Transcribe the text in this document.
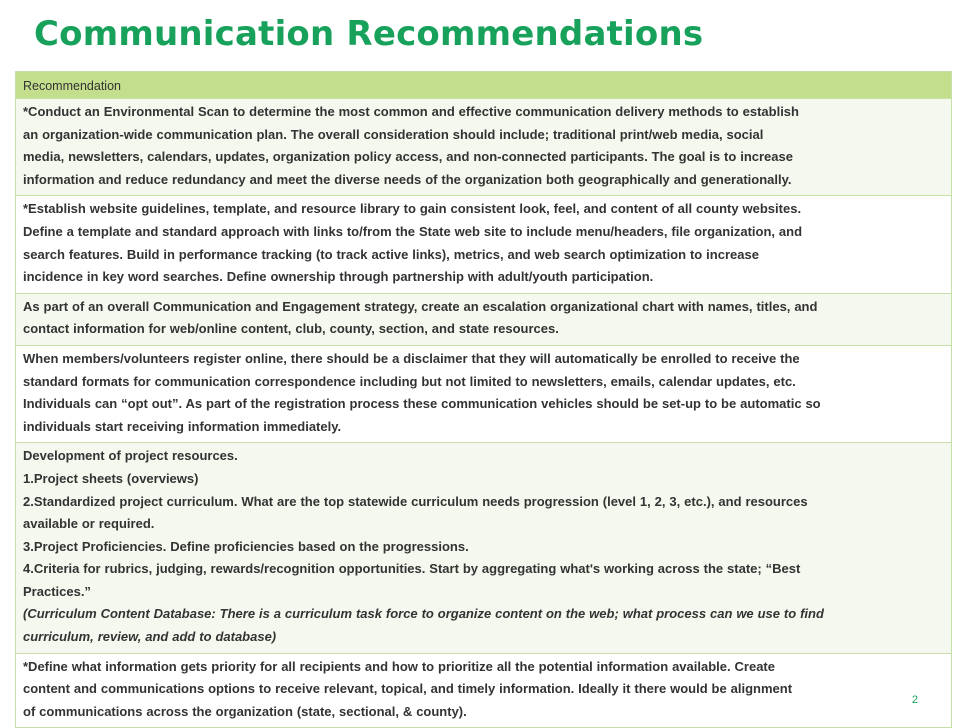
Communication Recommendations
Recommendation

*Conduct an Environmental Scan to determine the most common and effective communication delivery methods to establish
an organization-wide communication plan. The overall consideration should include; traditional print/web media, social
media, newsletters, calendars, updates, organization policy access, and non-connected participants. The goal is to increase
information and reduce redundancy and meet the diverse needs of the organization both geographically and generationally.

*Establish website guidelines, template, and resource library to gain consistent look, feel, and content of all county websites.
Define a template and standard approach with links to/from the State web site to include menu/headers, file organization, and
search features. Build in performance tracking (to track active links), metrics, and web search optimization to increase
incidence in key word searches. Define ownership through partnership with adult/youth participation.

As part of an overall Communication and Engagement strategy, create an escalation organizational chart with names, titles, and
contact information for web/online content, club, county, section, and state resources.

When members/volunteers register online, there should be a disclaimer that they will automatically be enrolled to receive the
standard formats for communication correspondence including but not limited to newsletters, emails, calendar updates, etc.
Individuals can “opt out”. As part of the registration process these communication vehicles should be set-up to be automatic so
individuals start receiving information immediately.

Development of project resources.
1.Project sheets (overviews)
2.Standardized project curriculum. What are the top statewide curriculum needs progression (level 1, 2, 3, etc.), and resources
available or required.
3.Project Proficiencies. Define proficiencies based on the progressions.
4.Criteria for rubrics, judging, rewards/recognition opportunities. Start by aggregating whatʹs working across the state; “Best
Practices.”
(Curriculum Content Database: There is a curriculum task force to organize content on the web; what process can we use to find
curriculum, review, and add to database)

*Define what information gets priority for all recipients and how to prioritize all the potential information available. Create
content and communications options to receive relevant, topical, and timely information. Ideally it there would be alignment
of communications across the organization (state, sectional, & county).
2
